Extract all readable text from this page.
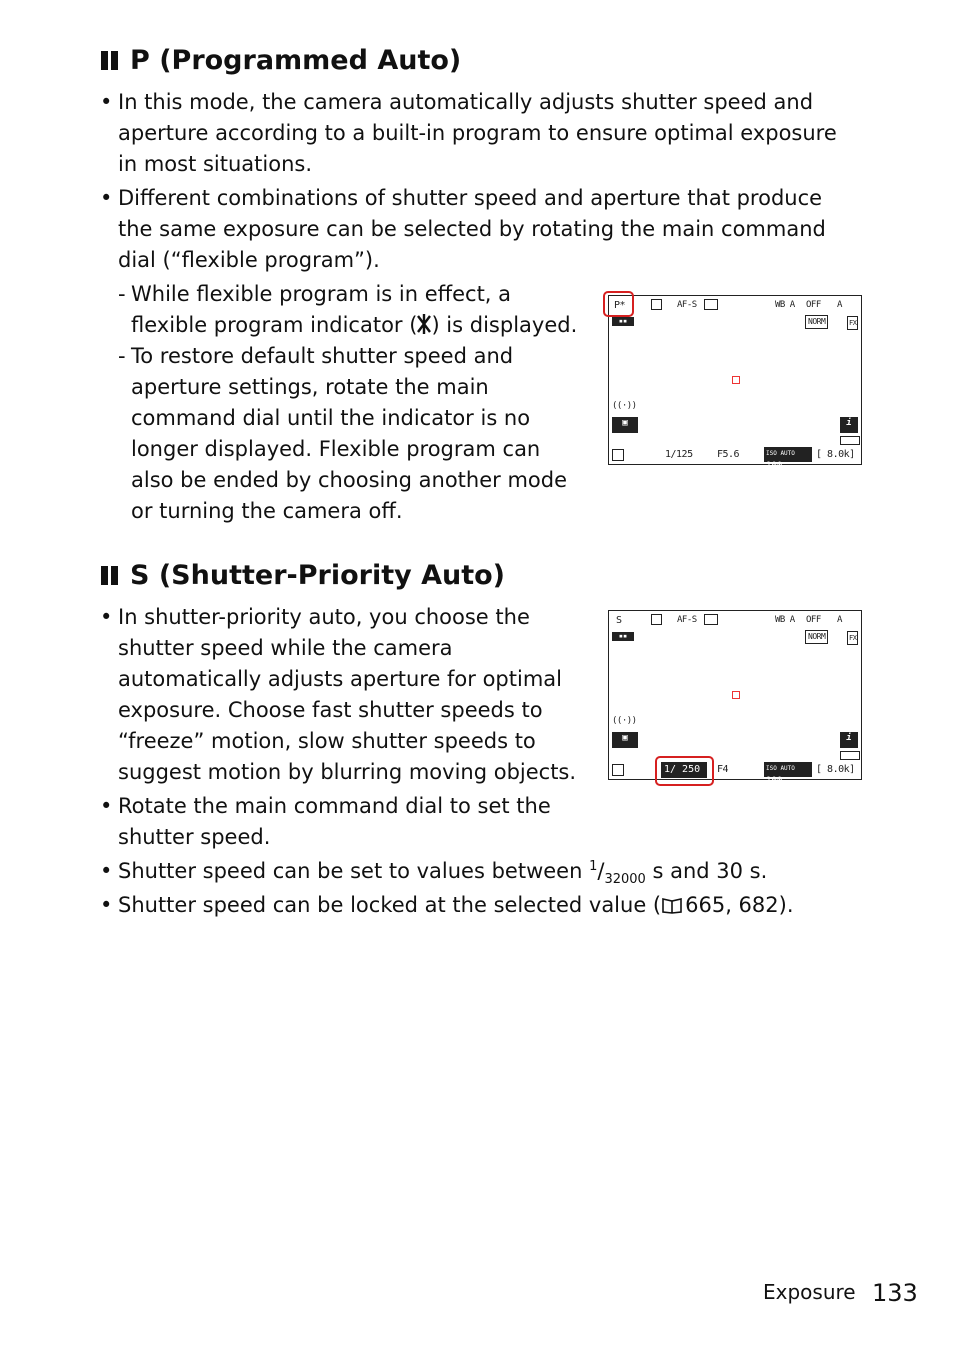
P (Programmed Auto)
• In this mode, the camera automatically adjusts shutter speed and aperture according to a built-in program to ensure optimal exposure in most situations.
• Different combinations of shutter speed and aperture that produce the same exposure can be selected by rotating the main command dial (“flexible program”).
- While flexible program is in effect, a flexible program indicator ( ) is displayed.
- To restore default shutter speed and aperture settings, rotate the main command dial until the indicator is no longer displayed. Flexible program can also be ended by choosing another mode or turning the camera off.
P*	AF-S	WB A OFF A
▪▪	NORM	FX
((·))
▣	i
1/125 F5.6	ISO AUTO 100
[ 8.0k]
S (Shutter-Priority Auto)
• In shutter-priority auto, you choose the shutter speed while the camera automatically adjusts aperture for optimal exposure. Choose fast shutter speeds to “freeze” motion, slow shutter speeds to suggest motion by blurring moving objects.
• Rotate the main command dial to set the shutter speed.
• Shutter speed can be set to values between $^1/_{32000}$ s and 30 s.
• Shutter speed can be locked at the selected value ( 665, 682).
S	AF-S	WB A OFF A
▪▪	NORM	FX
((·))
▣	i
1/ 250	F4	ISO AUTO 100
[ 8.0k]
Exposure 133
